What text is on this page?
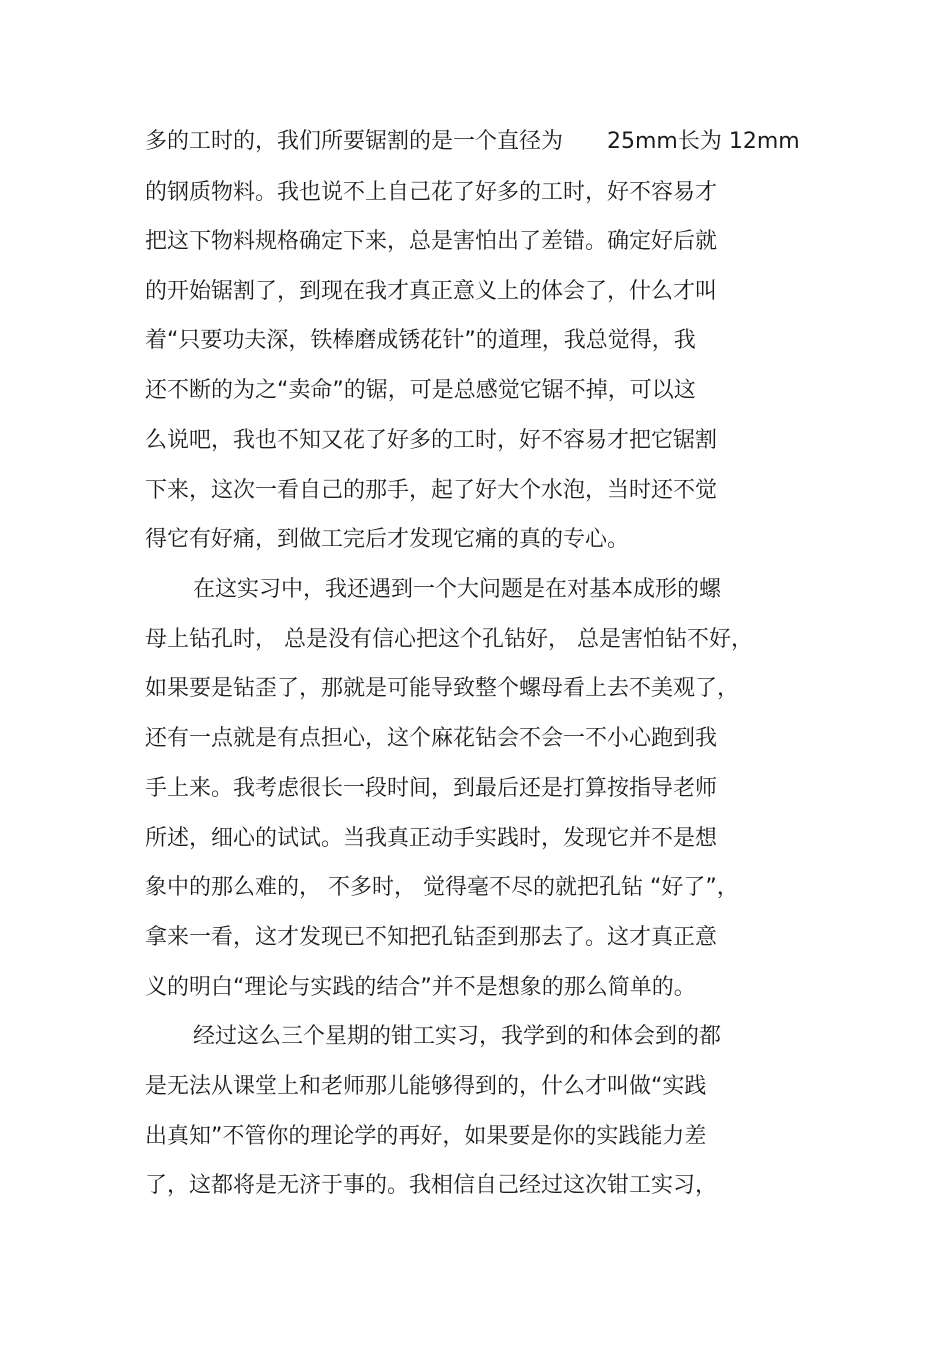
多的工时的，我们所要锯割的是一个直径为　　25mm长为 12mm
的钢质物料。我也说不上自己花了好多的工时，好不容易才
把这下物料规格确定下来，总是害怕出了差错。确定好后就
的开始锯割了，到现在我才真正意义上的体会了，什么才叫
着“只要功夫深，铁棒磨成锈花针”的道理，我总觉得，我
还不断的为之“卖命”的锯，可是总感觉它锯不掉，可以这
么说吧，我也不知又花了好多的工时，好不容易才把它锯割
下来，这次一看自己的那手，起了好大个水泡，当时还不觉
得它有好痛，到做工完后才发现它痛的真的专心。
在这实习中，我还遇到一个大问题是在对基本成形的螺
母上钻孔时， 总是没有信心把这个孔钻好， 总是害怕钻不好，
如果要是钻歪了，那就是可能导致整个螺母看上去不美观了，
还有一点就是有点担心，这个麻花钻会不会一不小心跑到我
手上来。我考虑很长一段时间，到最后还是打算按指导老师
所述，细心的试试。当我真正动手实践时，发现它并不是想
象中的那么难的， 不多时， 觉得毫不尽的就把孔钻 “好了”，
拿来一看，这才发现已不知把孔钻歪到那去了。这才真正意
义的明白“理论与实践的结合”并不是想象的那么简单的。
经过这么三个星期的钳工实习，我学到的和体会到的都
是无法从课堂上和老师那儿能够得到的，什么才叫做“实践
出真知”不管你的理论学的再好，如果要是你的实践能力差
了，这都将是无济于事的。我相信自己经过这次钳工实习，
